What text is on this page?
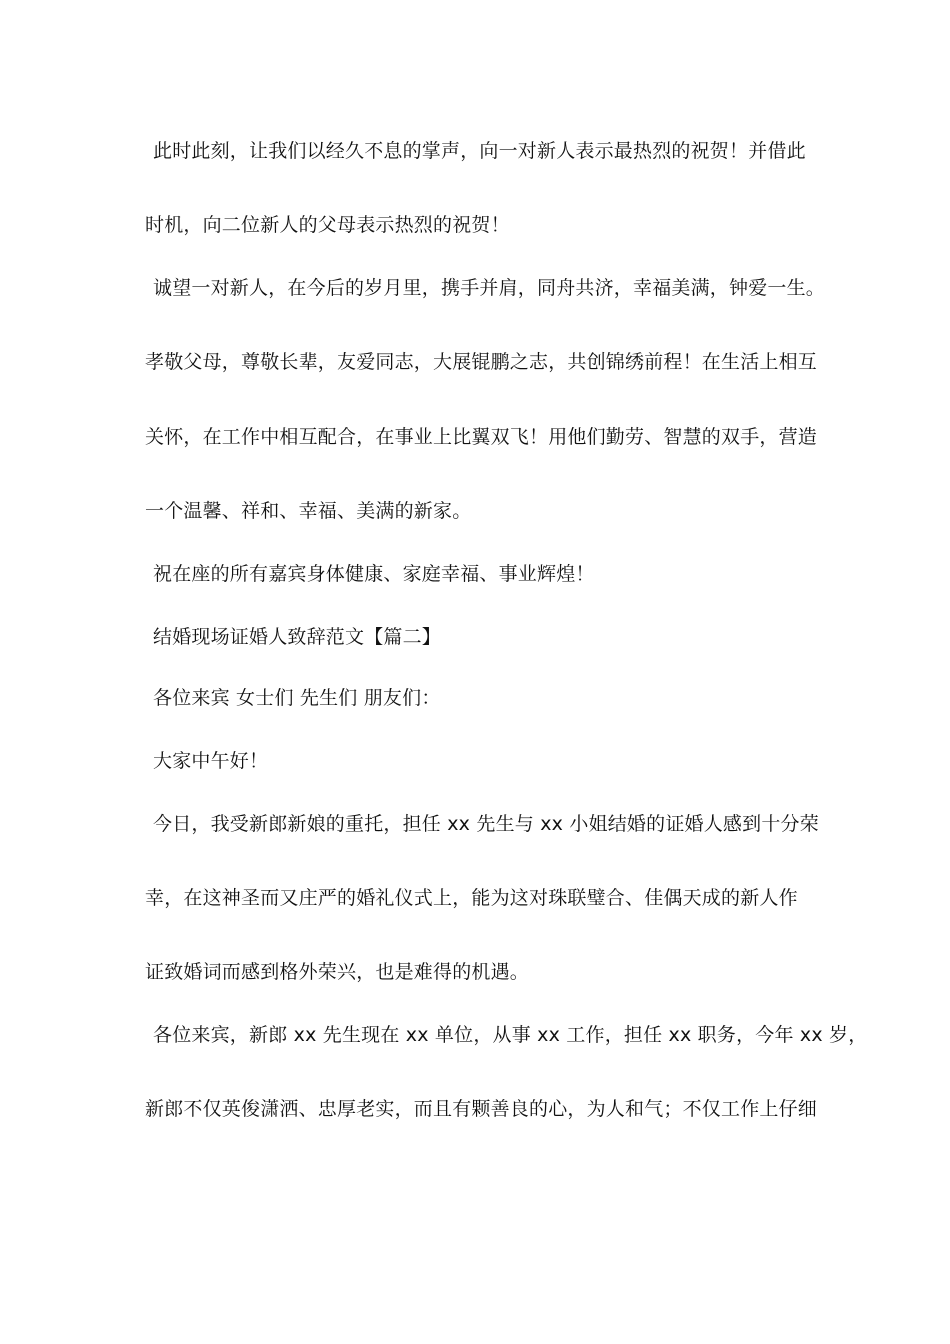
此时此刻，让我们以经久不息的掌声，向一对新人表示最热烈的祝贺！并借此
时机，向二位新人的父母表示热烈的祝贺！
诚望一对新人，在今后的岁月里，携手并肩，同舟共济，幸福美满，钟爱一生。
孝敬父母，尊敬长辈，友爱同志，大展锟鹏之志，共创锦绣前程！在生活上相互
关怀，在工作中相互配合，在事业上比翼双飞！用他们勤劳、智慧的双手，营造
一个温馨、祥和、幸福、美满的新家。
祝在座的所有嘉宾身体健康、家庭幸福、事业辉煌！
结婚现场证婚人致辞范文【篇二】
各位来宾 女士们 先生们 朋友们：
大家中午好！
今日，我受新郎新娘的重托，担任 xx 先生与 xx 小姐结婚的证婚人感到十分荣
幸，在这神圣而又庄严的婚礼仪式上，能为这对珠联璧合、佳偶天成的新人作
证致婚词而感到格外荣兴，也是难得的机遇。
各位来宾，新郎 xx 先生现在 xx 单位，从事 xx 工作，担任 xx 职务，今年 xx 岁，
新郎不仅英俊潇洒、忠厚老实，而且有颗善良的心，为人和气；不仅工作上仔细
